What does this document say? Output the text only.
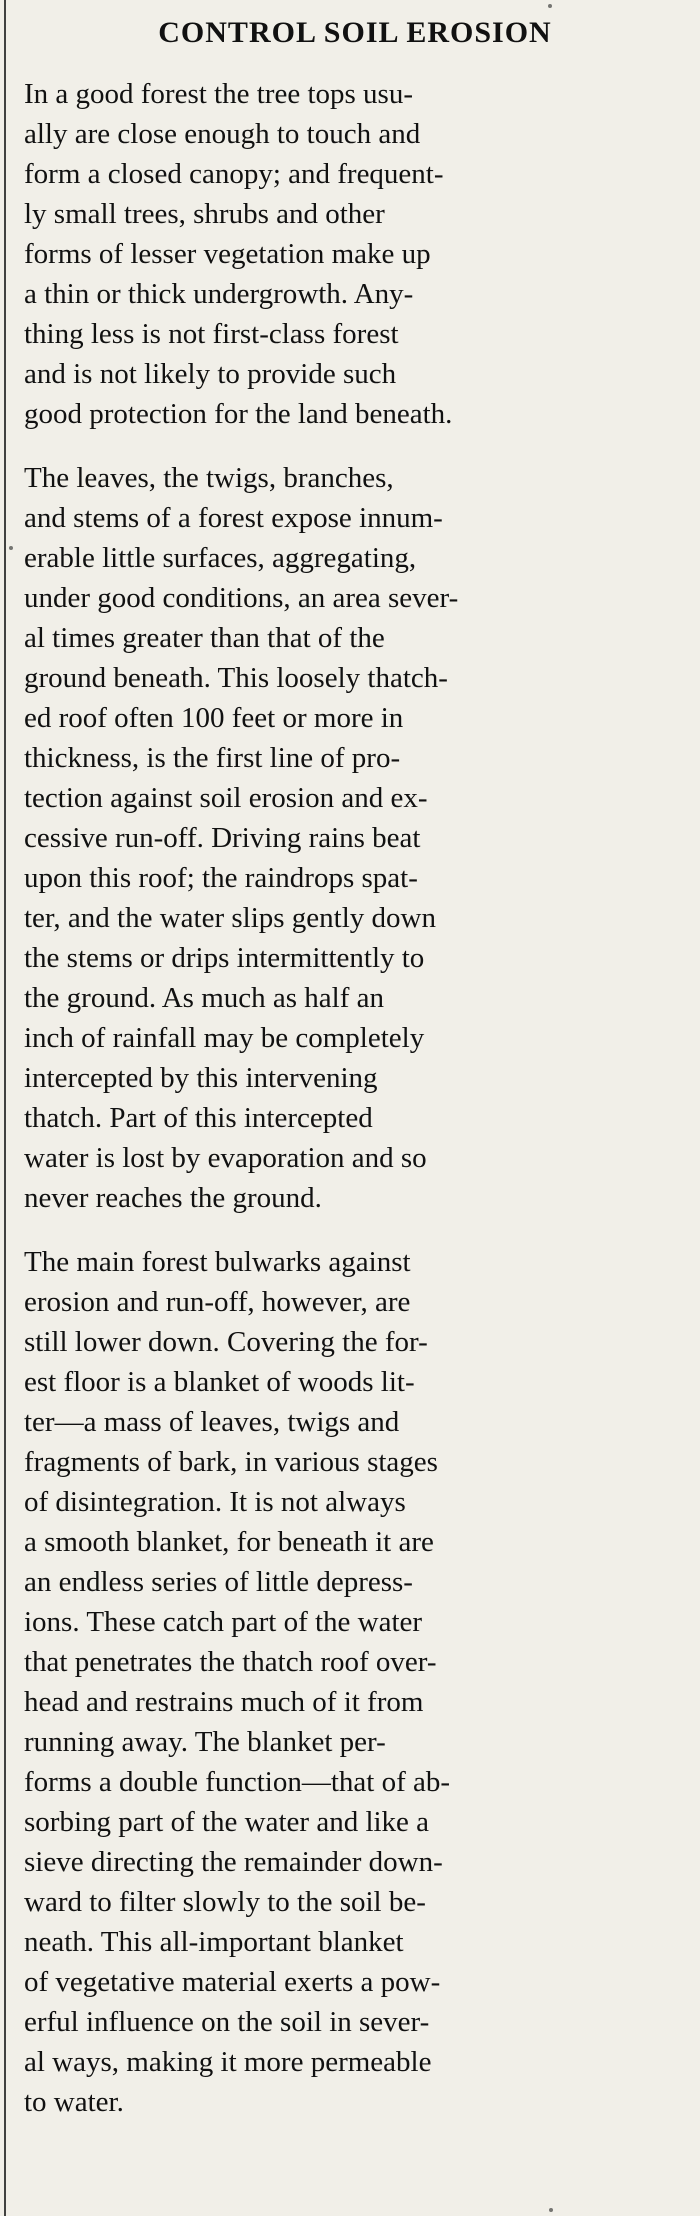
CONTROL SOIL EROSION

In a good forest the tree tops usu-
ally are close enough to touch and
form a closed canopy; and frequent-
ly small trees, shrubs and other
forms of lesser vegetation make up
a thin or thick undergrowth. Any-
thing less is not first-class forest
and is not likely to provide such
good protection for the land beneath.

The leaves, the twigs, branches,
and stems of a forest expose innum-
erable little surfaces, aggregating,
under good conditions, an area sever-
al times greater than that of the
ground beneath. This loosely thatch-
ed roof often 100 feet or more in
thickness, is the first line of pro-
tection against soil erosion and ex-
cessive run-off. Driving rains beat
upon this roof; the raindrops spat-
ter, and the water slips gently down
the stems or drips intermittently to
the ground. As much as half an
inch of rainfall may be completely
intercepted by this intervening
thatch. Part of this intercepted
water is lost by evaporation and so
never reaches the ground.

The main forest bulwarks against
erosion and run-off, however, are
still lower down. Covering the for-
est floor is a blanket of woods lit-
ter—a mass of leaves, twigs and
fragments of bark, in various stages
of disintegration. It is not always
a smooth blanket, for beneath it are
an endless series of little depress-
ions. These catch part of the water
that penetrates the thatch roof over-
head and restrains much of it from
running away. The blanket per-
forms a double function—that of ab-
sorbing part of the water and like a
sieve directing the remainder down-
ward to filter slowly to the soil be-
neath. This all-important blanket
of vegetative material exerts a pow-
erful influence on the soil in sever-
al ways, making it more permeable
to water.
